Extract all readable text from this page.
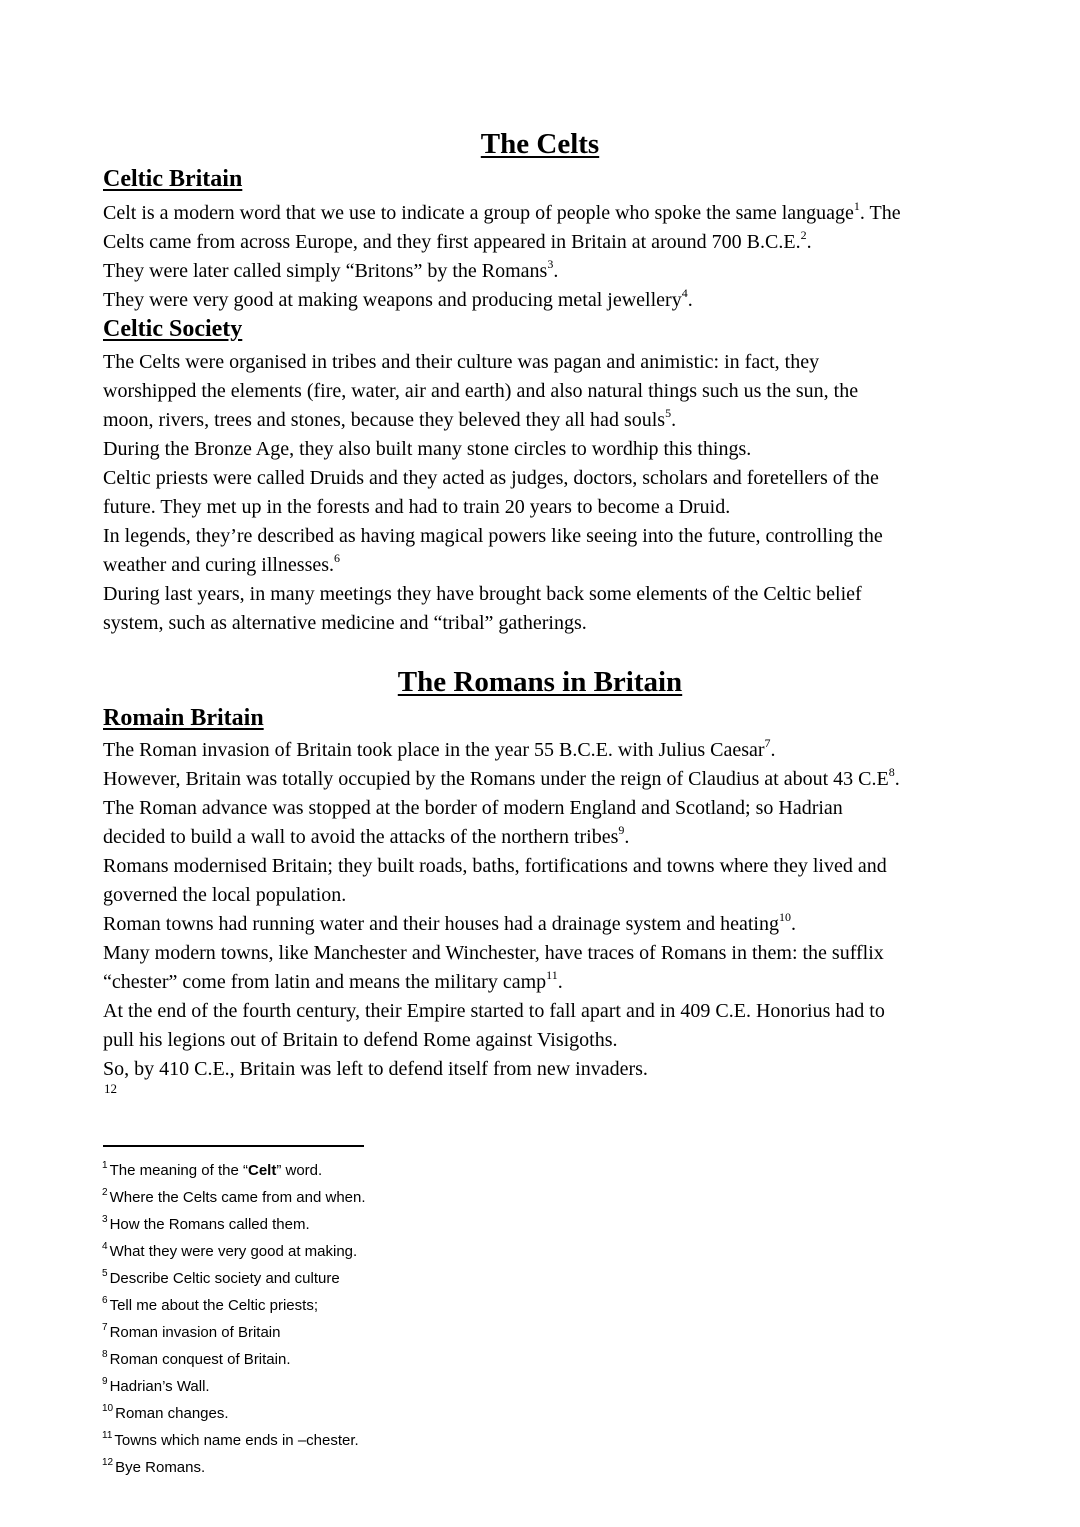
The Celts
Celtic Britain
Celt is a modern word that we use to indicate a group of people who spoke the same language$^1$. The
Celts came from across Europe, and they first appeared in Britain at around 700 B.C.E.$^2$.
They were later called simply “Britons” by the Romans$^3$.
They were very good at making weapons and producing metal jewellery$^4$.
Celtic Society
The Celts were organised in tribes and their culture was pagan and animistic: in fact, they
worshipped the elements (fire, water, air and earth) and also natural things such us the sun, the
moon, rivers, trees and stones, because they beleved they all had souls$^5$.
During the Bronze Age, they also built many stone circles to wordhip this things.
Celtic priests were called Druids and they acted as judges, doctors, scholars and foretellers of the
future. They met up in the forests and had to train 20 years to become a Druid.
In legends, they’re described as having magical powers like seeing into the future, controlling the
weather and curing illnesses.$^6$
During last years, in many meetings they have brought back some elements of the Celtic belief
system, such as alternative medicine and “tribal” gatherings.
The Romans in Britain
Romain Britain
The Roman invasion of Britain took place in the year 55 B.C.E. with Julius Caesar$^7$.
However, Britain was totally occupied by the Romans under the reign of Claudius at about 43 $C.E^8$.
The Roman advance was stopped at the border of modern England and Scotland; so Hadrian
decided to build a wall to avoid the attacks of the northern tribes$^9$.
Romans modernised Britain; they built roads, baths, fortifications and towns where they lived and
governed the local population.
Roman towns had running water and their houses had a drainage system and heating$^{10}$.
Many modern towns, like Manchester and Winchester, have traces of Romans in them: the sufflix
“chester” come from latin and means the military camp$^{11}$.
At the end of the fourth century, their Empire started to fall apart and in 409 C.E. Honorius had to
pull his legions out of Britain to defend Rome against Visigoths.
So, by 410 C.E., Britain was left to defend itself from new invaders.
12
1 The meaning of the “Celt” word.
2 Where the Celts came from and when.
3 How the Romans called them.
4 What they were very good at making.
5 Describe Celtic society and culture
6 Tell me about the Celtic priests;
7 Roman invasion of Britain
8 Roman conquest of Britain.
9 Hadrian’s Wall.
10 Roman changes.
11 Towns which name ends in –chester.
12 Bye Romans.
